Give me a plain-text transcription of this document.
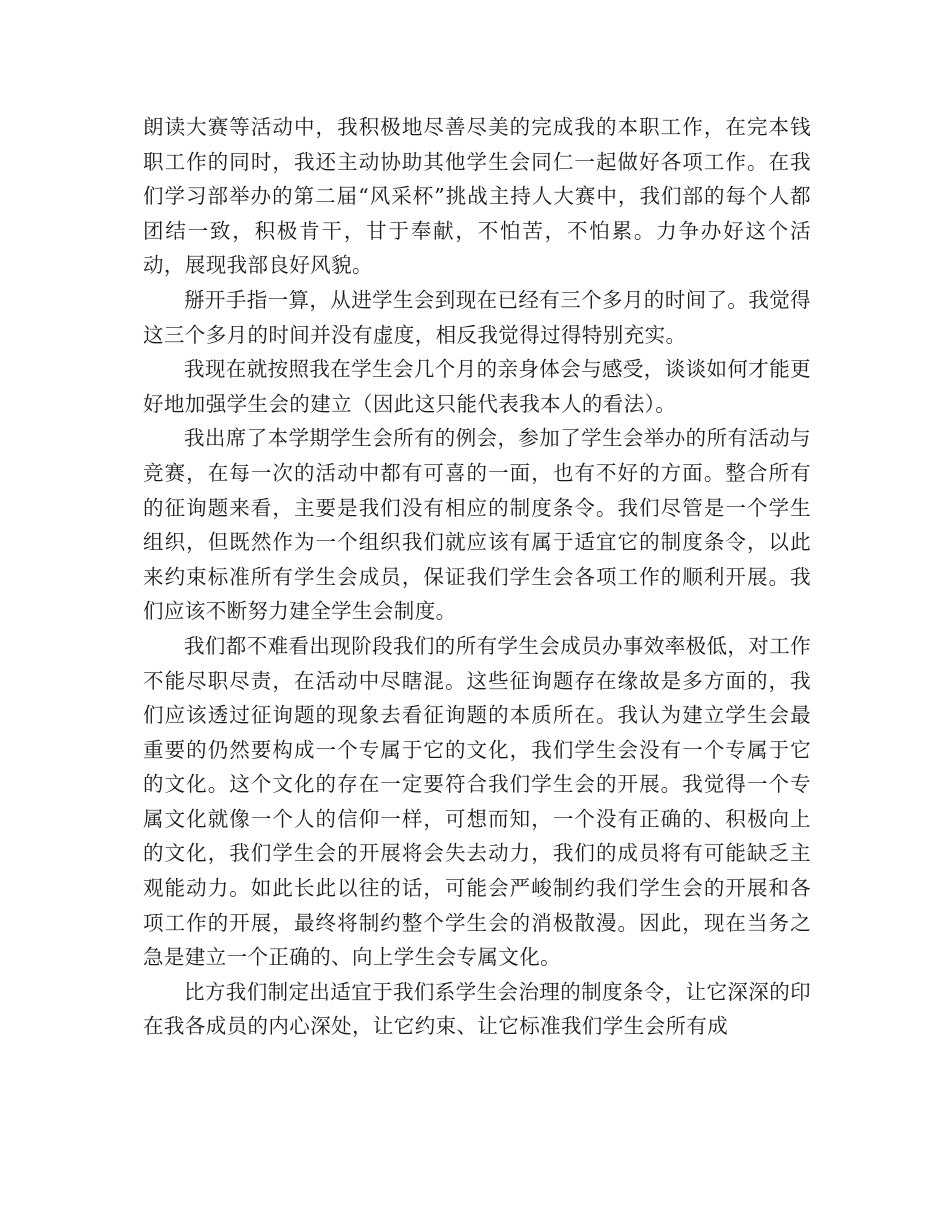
朗读大赛等活动中，我积极地尽善尽美的完成我的本职工作，在完本钱职工作的同时，我还主动协助其他学生会同仁一起做好各项工作。在我们学习部举办的第二届“风采杯”挑战主持人大赛中，我们部的每个人都团结一致，积极肯干，甘于奉献，不怕苦，不怕累。力争办好这个活动，展现我部良好风貌。

掰开手指一算，从进学生会到现在已经有三个多月的时间了。我觉得这三个多月的时间并没有虚度，相反我觉得过得特别充实。

我现在就按照我在学生会几个月的亲身体会与感受，谈谈如何才能更好地加强学生会的建立（因此这只能代表我本人的看法）。

我出席了本学期学生会所有的例会，参加了学生会举办的所有活动与竞赛，在每一次的活动中都有可喜的一面，也有不好的方面。整合所有的征询题来看，主要是我们没有相应的制度条令。我们尽管是一个学生组织，但既然作为一个组织我们就应该有属于适宜它的制度条令，以此来约束标准所有学生会成员，保证我们学生会各项工作的顺利开展。我们应该不断努力建全学生会制度。

我们都不难看出现阶段我们的所有学生会成员办事效率极低，对工作不能尽职尽责，在活动中尽瞎混。这些征询题存在缘故是多方面的，我们应该透过征询题的现象去看征询题的本质所在。我认为建立学生会最重要的仍然要构成一个专属于它的文化，我们学生会没有一个专属于它的文化。这个文化的存在一定要符合我们学生会的开展。我觉得一个专属文化就像一个人的信仰一样，可想而知，一个没有正确的、积极向上的文化，我们学生会的开展将会失去动力，我们的成员将有可能缺乏主观能动力。如此长此以往的话，可能会严峻制约我们学生会的开展和各项工作的开展，最终将制约整个学生会的消极散漫。因此，现在当务之急是建立一个正确的、向上学生会专属文化。

比方我们制定出适宜于我们系学生会治理的制度条令，让它深深的印在我各成员的内心深处，让它约束、让它标准我们学生会所有成
